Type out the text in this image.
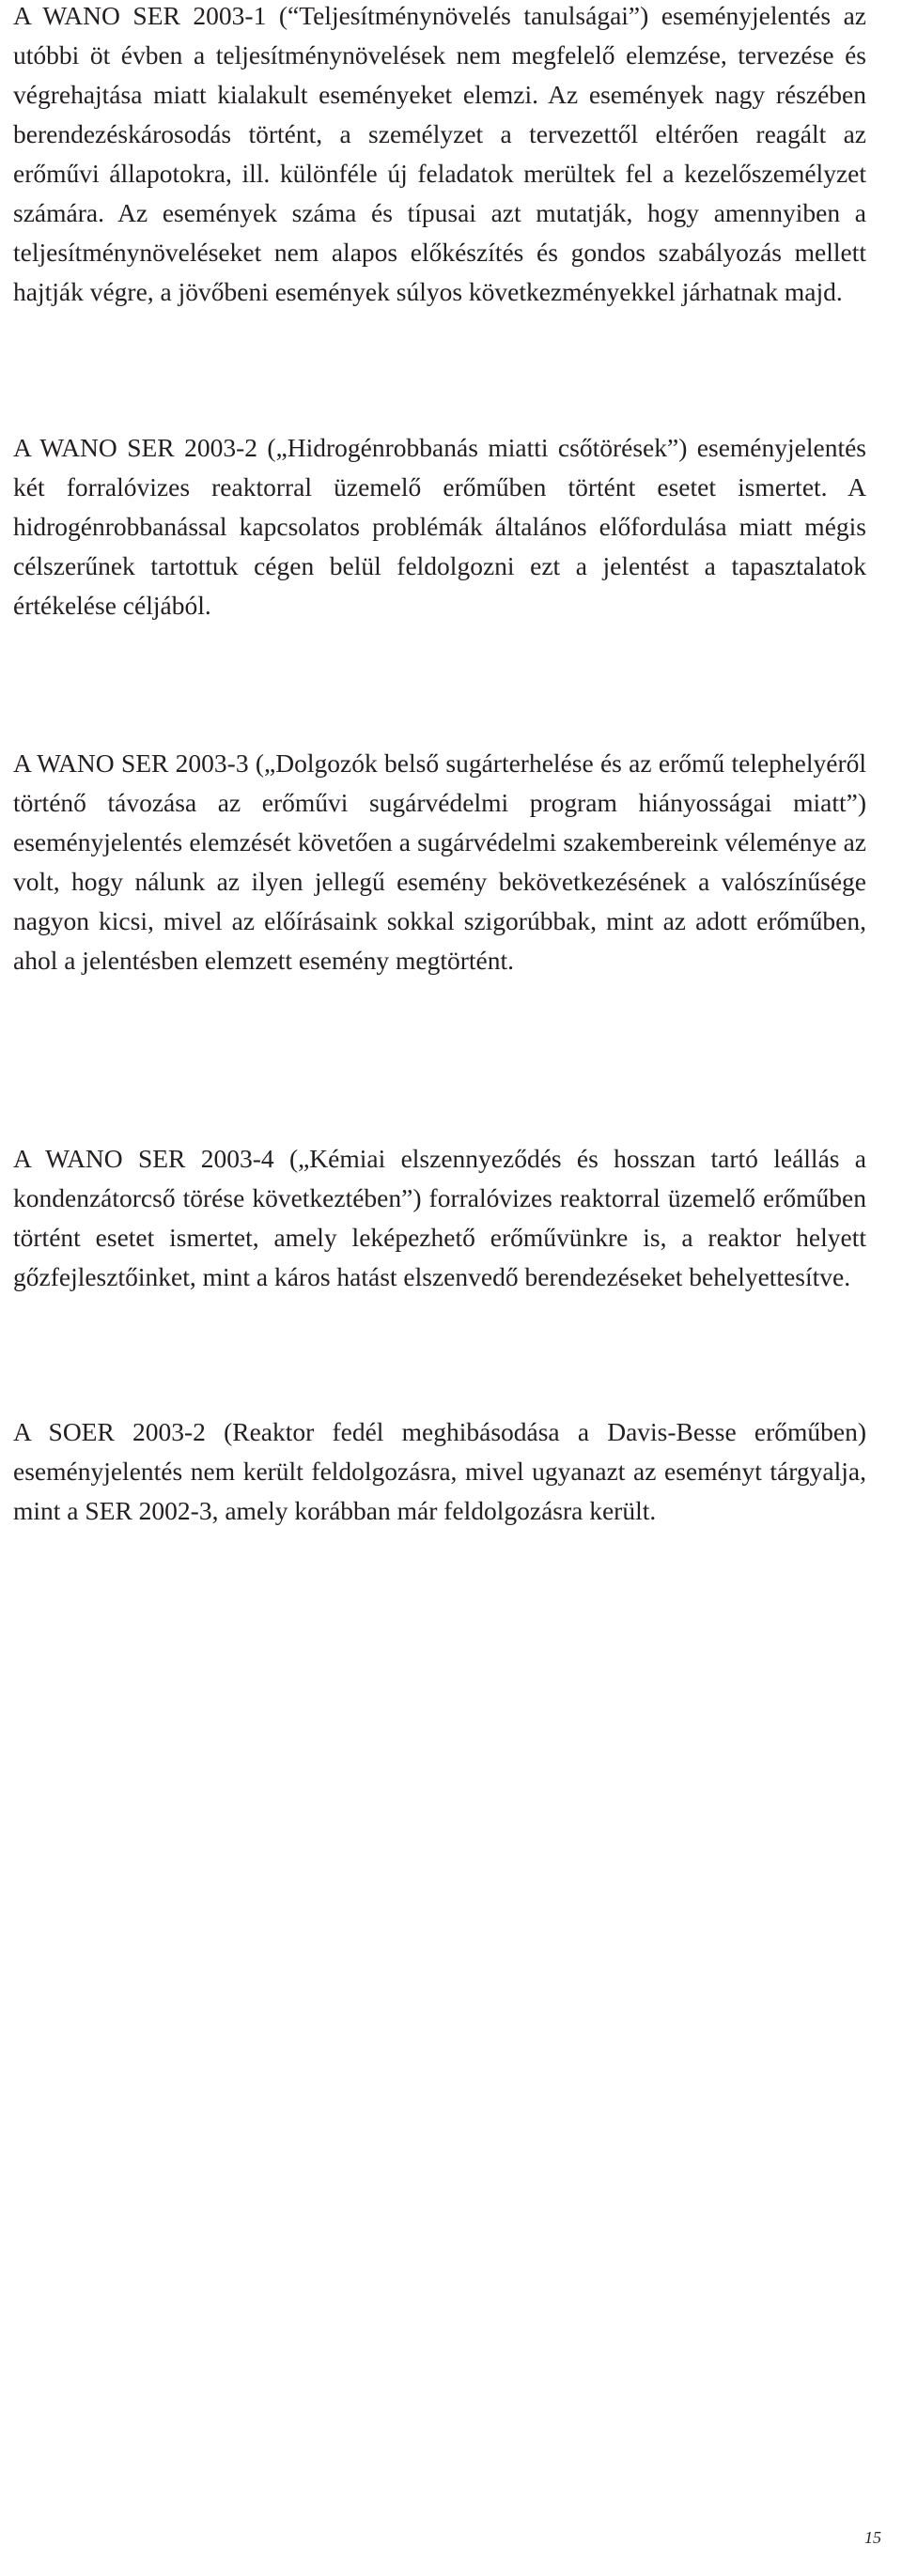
A WANO SER 2003-1 (“Teljesítménynövelés tanulságai”) eseményjelentés az utóbbi öt évben a teljesítménynövelések nem megfelelő elemzése, tervezése és végrehajtása miatt kialakult eseményeket elemzi. Az események nagy részében berendezéskárosodás történt, a személyzet a tervezettől eltérően reagált az erőművi állapotokra, ill. különféle új feladatok merültek fel a kezelőszemélyzet számára. Az események száma és típusai azt mutatják, hogy amennyiben a teljesítménynöveléseket nem alapos előkészítés és gondos szabályozás mellett hajtják végre, a jövőbeni események súlyos következményekkel járhatnak majd.

A WANO SER 2003-2 („Hidrogénrobbanás miatti csőtörések”) eseményjelentés két forralóvizes reaktorral üzemelő erőműben történt esetet ismertet. A hidrogénrobbanással kapcsolatos problémák általános előfordulása miatt mégis célszerűnek tartottuk cégen belül feldolgozni ezt a jelentést a tapasztalatok értékelése céljából.

A WANO SER 2003-3 („Dolgozók belső sugárterhelése és az erőmű telephelyéről történő távozása az erőművi sugárvédelmi program hiányosságai miatt”) eseményjelentés elemzését követően a sugárvédelmi szakembereink véleménye az volt, hogy nálunk az ilyen jellegű esemény bekövetkezésének a valószínűsége nagyon kicsi, mivel az előírásaink sokkal szigorúbbak, mint az adott erőműben, ahol a jelentésben elemzett esemény megtörtént.

A WANO SER 2003-4 („Kémiai elszennyeződés és hosszan tartó leállás a kondenzátorcső törése következtében”) forralóvizes reaktorral üzemelő erőműben történt esetet ismertet, amely leképezhető erőművünkre is, a reaktor helyett gőzfejlesztőinket, mint a káros hatást elszenvedő berendezéseket behelyettesítve.

A SOER 2003-2 (Reaktor fedél meghibásodása a Davis-Besse erőműben) eseményjelentés nem került feldolgozásra, mivel ugyanazt az eseményt tárgyalja, mint a SER 2002-3, amely korábban már feldolgozásra került.

15
